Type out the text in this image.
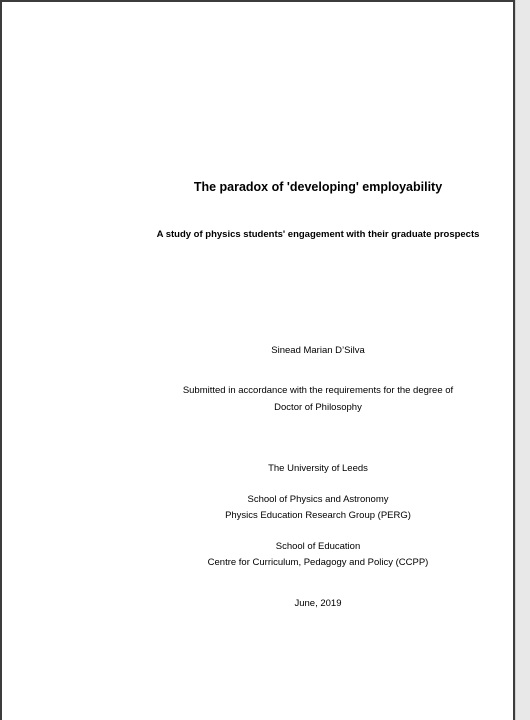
The paradox of 'developing' employability
A study of physics students' engagement with their graduate prospects
Sinead Marian D’Silva
Submitted in accordance with the requirements for the degree of
Doctor of Philosophy
The University of Leeds
School of Physics and Astronomy
Physics Education Research Group (PERG)
School of Education
Centre for Curriculum, Pedagogy and Policy (CCPP)
June, 2019
